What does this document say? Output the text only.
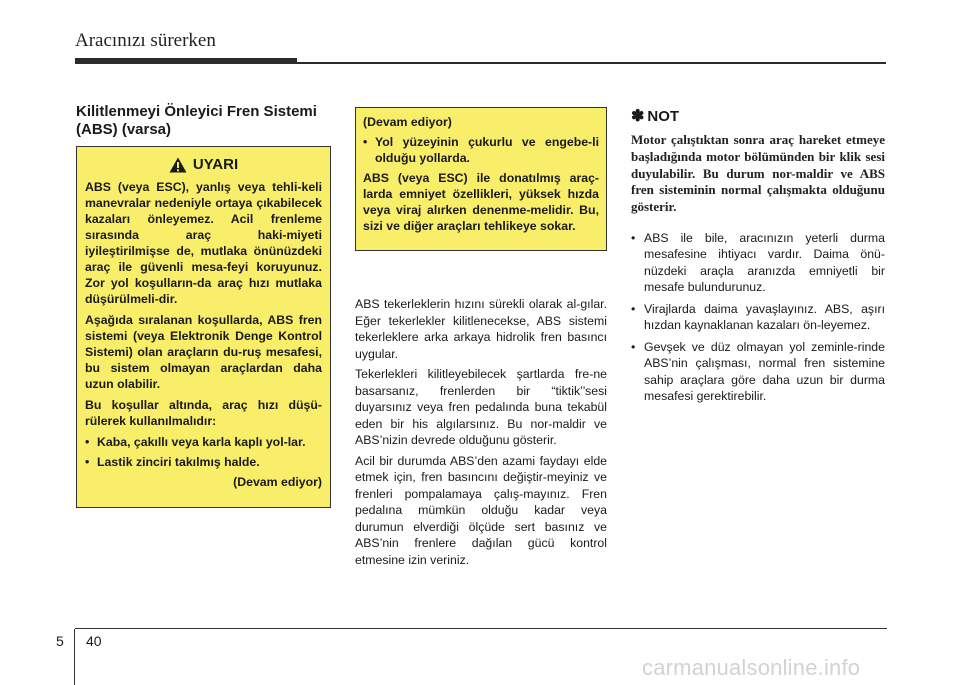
Aracınızı sürerken
Kilitlenmeyi Önleyici Fren Sistemi
(ABS) (varsa)
UYARI

ABS (veya ESC), yanlış veya tehli-keli manevralar nedeniyle ortaya çıkabilecek kazaları önleyemez. Acil frenleme sırasında araç haki-miyeti iyileştirilmişse de, mutlaka önünüzdeki araç ile güvenli mesa-feyi koruyunuz. Zor yol koşulların-da araç hızı mutlaka düşürülmeli-dir.

Aşağıda sıralanan koşullarda, ABS fren sistemi (veya Elektronik Denge Kontrol Sistemi) olan araçların du-ruş mesafesi, bu sistem olmayan araçlardan daha uzun olabilir.

Bu koşullar altında, araç hızı düşü-rülerek kullanılmalıdır:

• Kaba, çakıllı veya karla kaplı yol-lar.
• Lastik zinciri takılmış halde.
(Devam ediyor)

(Devam ediyor)

• Yol yüzeyinin çukurlu ve engebe-li olduğu yollarda.

ABS (veya ESC) ile donatılmış araç-larda emniyet özellikleri, yüksek hızda veya viraj alırken denenme-melidir. Bu, sizi ve diğer araçları tehlikeye sokar.

ABS tekerleklerin hızını sürekli olarak al-gılar. Eğer tekerlekler kilitlenecekse, ABS sistemi tekerleklere arka arkaya hidrolik fren basıncı uygular.

Tekerlekleri kilitleyebilecek şartlarda fre-ne basarsanız, frenlerden bir “tiktik’’sesi duyarsınız veya fren pedalında buna tekabül eden bir his algılarsınız. Bu nor-maldir ve ABS’nizin devrede olduğunu gösterir.

Acil bir durumda ABS’den azami faydayı elde etmek için, fren basıncını değiştir-meyiniz ve frenleri pompalamaya çalış-mayınız. Fren pedalına mümkün olduğu kadar veya durumun elverdiği ölçüde sert basınız ve ABS’nin frenlere dağılan gücü kontrol etmesine izin veriniz.

✽ NOT

Motor çalıştıktan sonra araç hareket etmeye başladığında motor bölümünden bir klik sesi duyulabilir. Bu durum nor-maldir ve ABS fren sisteminin normal çalışmakta olduğunu gösterir.

• ABS ile bile, aracınızın yeterli durma mesafesine ihtiyacı vardır. Daima önü-nüzdeki araçla aranızda emniyetli bir mesafe bulundurunuz.
• Virajlarda daima yavaşlayınız. ABS, aşırı hızdan kaynaklanan kazaları ön-leyemez.
• Gevşek ve düz olmayan yol zeminle-rinde ABS’nin çalışması, normal fren sistemine sahip araçlara göre daha uzun bir durma mesafesi gerektirebilir.
5 40
carmanualsonline.info
